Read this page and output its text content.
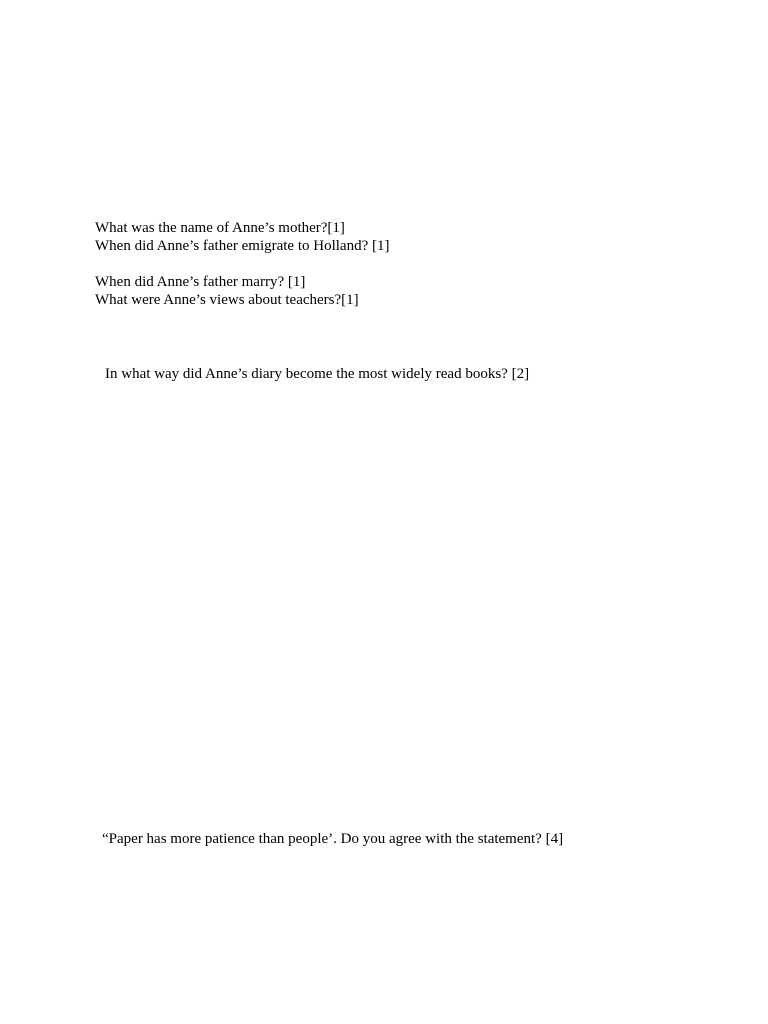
What was the name of Anne’s mother?[1]
When did Anne’s father emigrate to Holland? [1]
When did Anne’s father marry? [1]
What were Anne’s views about teachers?[1]
In what way did Anne’s diary become the most widely read books? [2]
“Paper has more patience than people’. Do you agree with the statement? [4]
